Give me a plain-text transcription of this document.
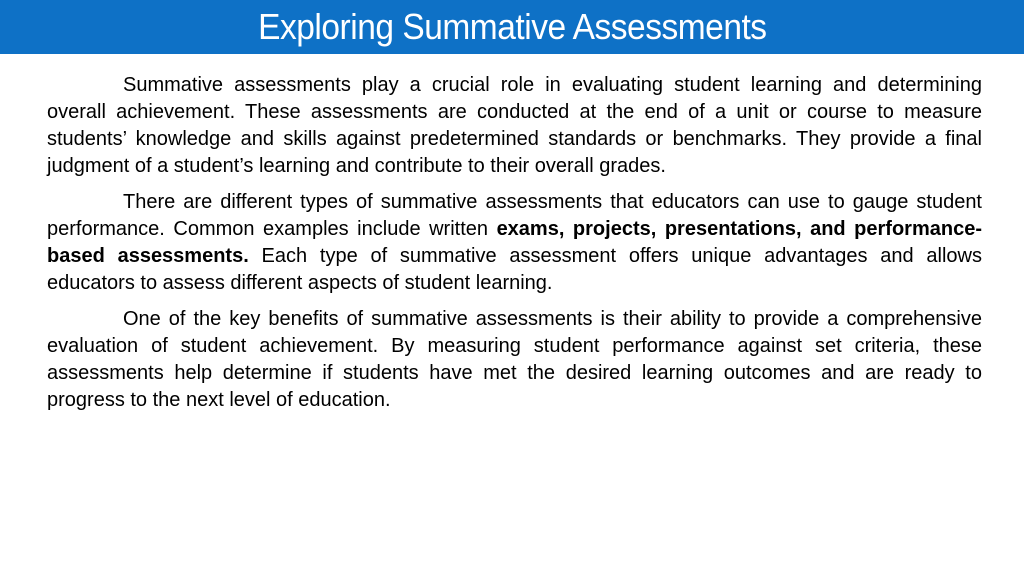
Exploring Summative Assessments

Summative assessments play a crucial role in evaluating student learning and determining overall achievement. These assessments are conducted at the end of a unit or course to measure students’ knowledge and skills against predetermined standards or benchmarks. They provide a final judgment of a student’s learning and contribute to their overall grades.

There are different types of summative assessments that educators can use to gauge student performance. Common examples include written exams, projects, presentations, and performance-based assessments. Each type of summative assessment offers unique advantages and allows educators to assess different aspects of student learning.

One of the key benefits of summative assessments is their ability to provide a comprehensive evaluation of student achievement. By measuring student performance against set criteria, these assessments help determine if students have met the desired learning outcomes and are ready to progress to the next level of education.
